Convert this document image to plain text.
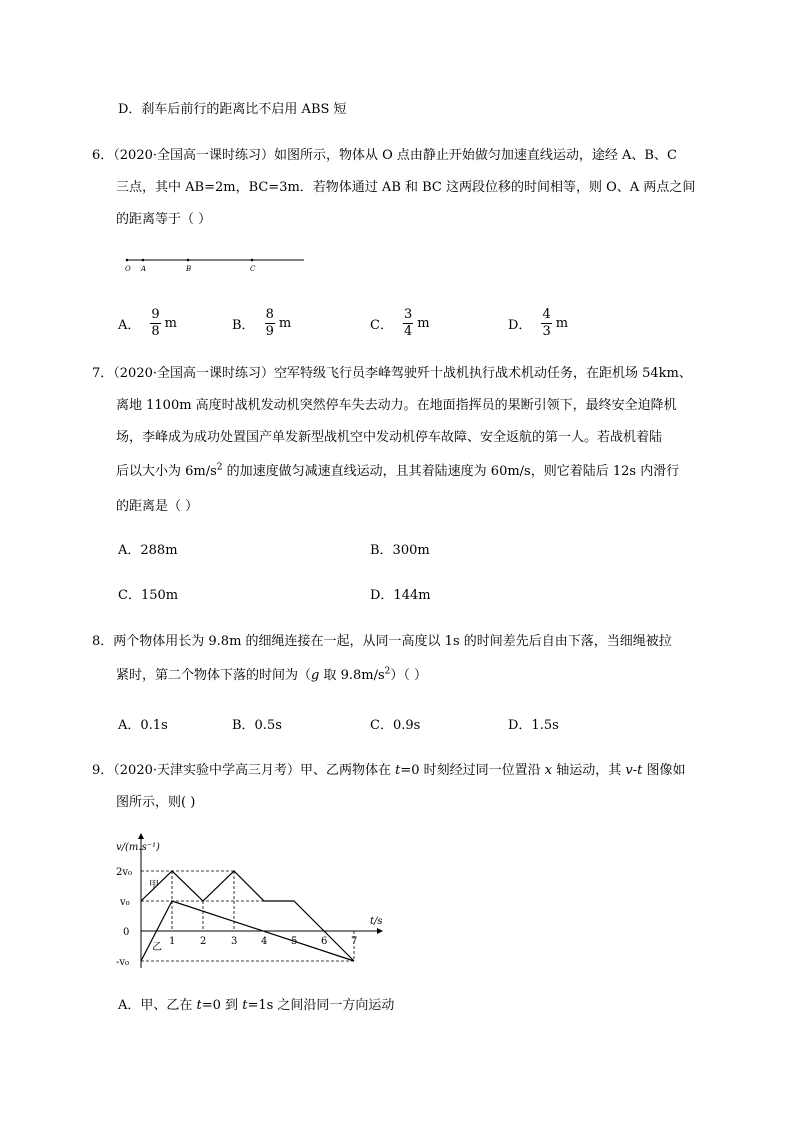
D．刹车后前行的距离比不启用 ABS 短
6．（2020·全国高一课时练习）如图所示，物体从 O 点由静止开始做匀加速直线运动，途经 A、B、C
三点，其中 AB=2m，BC=3m．若物体通过 AB 和 BC 这两段位移的时间相等，则 O、A 两点之间
的距离等于（ ）
O A	B	C
A． $\frac{9}{8}$ m	B． $\frac{8}{9}$ m	C． $\frac{3}{4}$ m	D． $\frac{4}{3}$ m
7．（2020·全国高一课时练习）空军特级飞行员李峰驾驶歼十战机执行战术机动任务，在距机场 54km、
离地 1100m 高度时战机发动机突然停车失去动力。在地面指挥员的果断引领下，最终安全迫降机
场，李峰成为成功处置国产单发新型战机空中发动机停车故障、安全返航的第一人。若战机着陆
后以大小为 $6m/s^2$ 的加速度做匀减速直线运动，且其着陆速度为 60m/s，则它着陆后 12s 内滑行
的距离是（ ）
A．288m	B．300m
C．150m	D．144m
8．两个物体用长为 9.8m 的细绳连接在一起，从同一高度以 1s 的时间差先后自由下落，当细绳被拉
紧时，第二个物体下落的时间为（g 取 $9.8m/s^2$）（ ）
A．0.1s	B．0.5s	C．0.9s	D．1.5s
9．（2020·天津实验中学高三月考）甲、乙两物体在 t=0 时刻经过同一位置沿 x 轴运动，其 v-t 图像如
图所示，则( )
v/(m.s⁻¹)
t/s
2v₀
v₀
0
-v₀
1 2 3 4 5 6 7
甲
乙
A．甲、乙在 t=0 到 t=1s 之间沿同一方向运动
